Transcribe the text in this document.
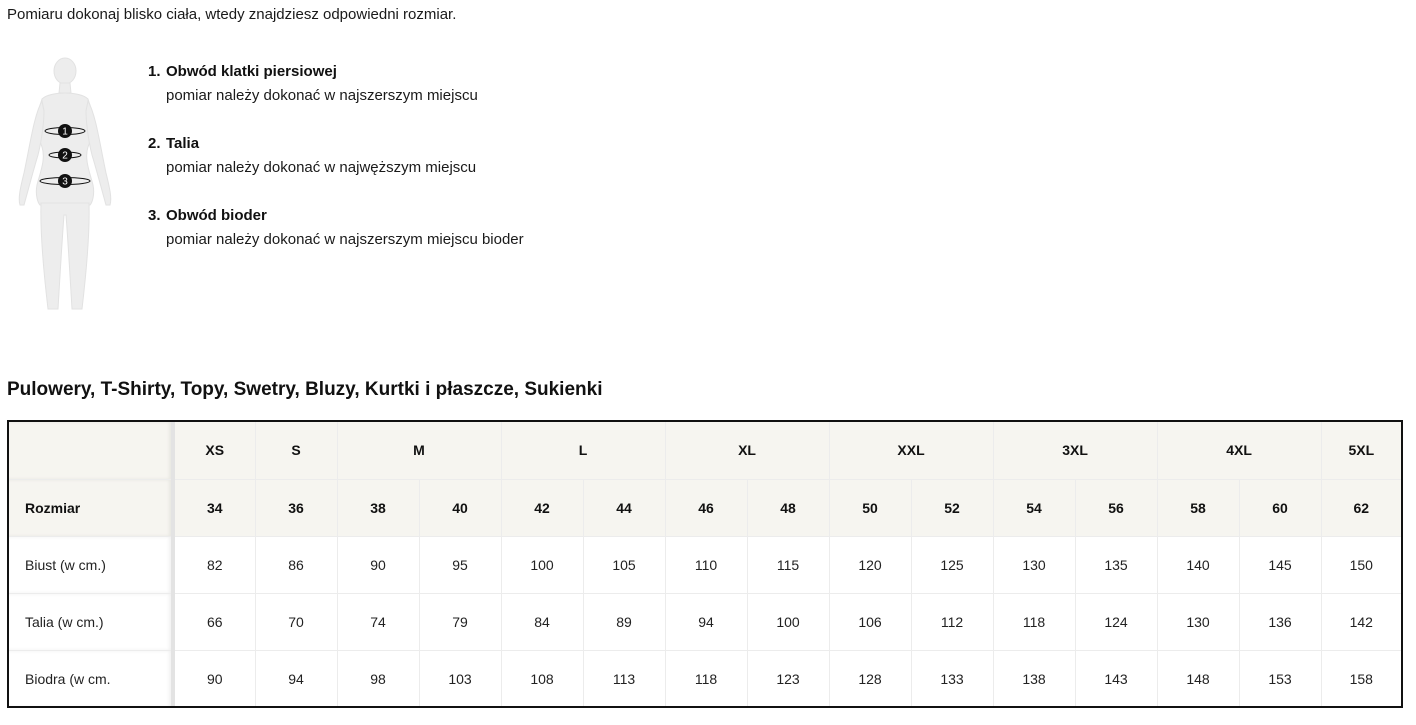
Pomiaru dokonaj blisko ciała, wtedy znajdziesz odpowiedni rozmiar.
1
2
3
1. Obwód klatki piersiowej
pomiar należy dokonać w najszerszym miejscu
2. Talia
pomiar należy dokonać w najwęższym miejscu
3. Obwód bioder
pomiar należy dokonać w najszerszym miejscu bioder
Pulowery, T-Shirty, Topy, Swetry, Bluzy, Kurtki i płaszcze, Sukienki
	XS	S	M		L		XL		XXL		3XL		4XL		5XL
Rozmiar	34	36	38	40	42	44	46	48	50	52	54	56	58	60	62
Biust (w cm.)	82	86	90	95	100	105	110	115	120	125	130	135	140	145	150
Talia (w cm.)	66	70	74	79	84	89	94	100	106	112	118	124	130	136	142
Biodra (w cm.	90	94	98	103	108	113	118	123	128	133	138	143	148	153	158
